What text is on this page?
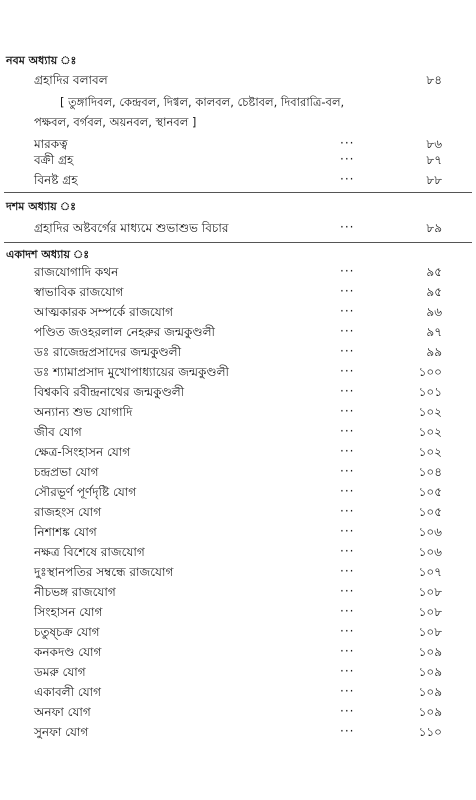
নবম অধ্যায় ঃ
গ্রহাদির বলাবল	৮৪
[ তুঙ্গাদিবল, কেন্দ্রবল, দিগ্বল, কালবল, চেষ্টাবল, দিবারাত্রি-বল,
পক্ষবল, বর্গবল, অয়নবল, স্থানবল ]
মারকত্ব	···	৮৬
বক্রী গ্রহ	···	৮৭
বিনষ্ট গ্রহ	···	৮৮
দশম অধ্যায় ঃ
গ্রহাদির অষ্টবর্গের মাধ্যমে শুভাশুভ বিচার	···	৮৯
একাদশ অধ্যায় ঃ
রাজযোগাদি কথন	···	৯৫
স্বাভাবিক রাজযোগ	···	৯৫
আত্মকারক সম্পর্কে রাজযোগ	···	৯৬
পণ্ডিত জওহরলাল নেহরুর জন্মকুণ্ডলী	···	৯৭
ডঃ রাজেন্দ্রপ্রসাদের জন্মকুণ্ডলী	···	৯৯
ডঃ শ্যামাপ্রসাদ মুখোপাধ্যায়ের জন্মকুণ্ডলী	···	১০০
বিশ্বকবি রবীন্দ্রনাথের জন্মকুণ্ডলী	···	১০১
অন্যান্য শুভ যোগাদি	···	১০২
জীব যোগ	···	১০২
ক্ষেত্র-সিংহাসন যোগ	···	১০২
চন্দ্রপ্রভা যোগ	···	১০৪
সৌরভূর্ণ পূর্ণদৃষ্টি যোগ	···	১০৫
রাজহংস যোগ	···	১০৫
নিশাশঙ্ক যোগ	···	১০৬
নক্ষত্র বিশেষে রাজযোগ	···	১০৬
দুঃস্থানপতির সম্বন্ধে রাজযোগ	···	১০৭
নীচভঙ্গ রাজযোগ	···	১০৮
সিংহাসন যোগ	···	১০৮
চতুষ্চক্র যোগ	···	১০৮
কনকদণ্ড যোগ	···	১০৯
ডমরু যোগ	···	১০৯
একাবলী যোগ	···	১০৯
অনফা যোগ	···	১০৯
সুনফা যোগ	···	১১০
